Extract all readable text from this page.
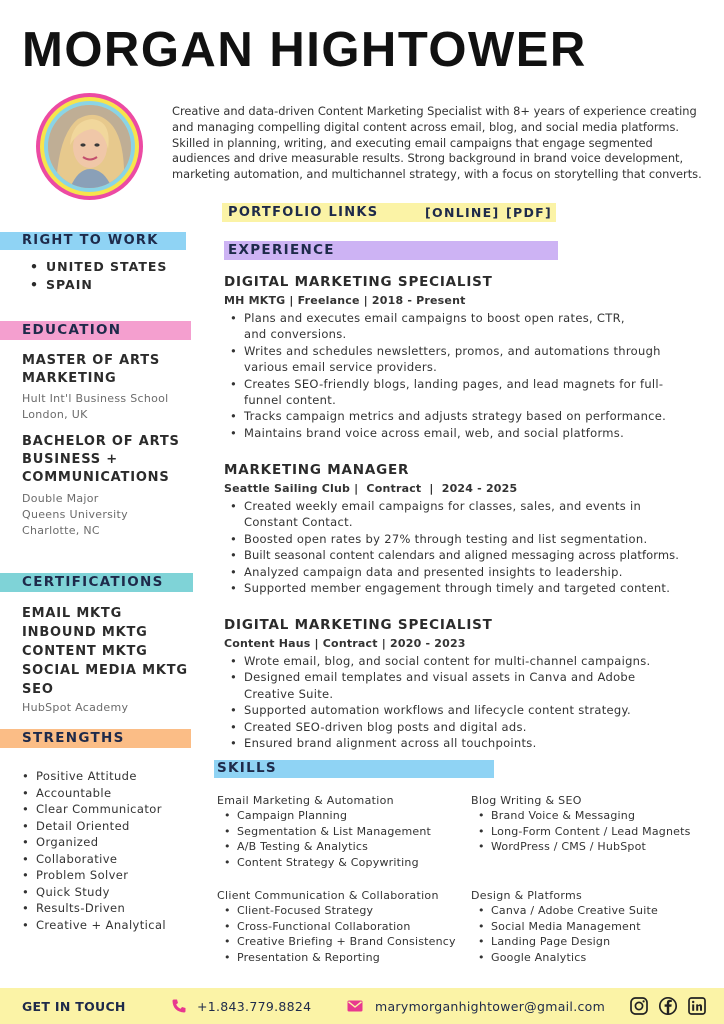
MORGAN HIGHTOWER
Creative and data-driven Content Marketing Specialist with 8+ years of experience creating and managing compelling digital content across email, blog, and social media platforms. Skilled in planning, writing, and executing email campaigns that engage segmented audiences and drive measurable results. Strong background in brand voice development, marketing automation, and multichannel strategy, with a focus on storytelling that converts.
PORTFOLIO LINKS	[ONLINE] [PDF]
RIGHT TO WORK
• UNITED STATES
• SPAIN
EDUCATION
MASTER OF ARTS
MARKETING
Hult Int'l Business School
London, UK
BACHELOR OF ARTS
BUSINESS +
COMMUNICATIONS
Double Major
Queens University
Charlotte, NC
CERTIFICATIONS
EMAIL MKTG
INBOUND MKTG
CONTENT MKTG
SOCIAL MEDIA MKTG
SEO
HubSpot Academy
STRENGTHS
• Positive Attitude
• Accountable
• Clear Communicator
• Detail Oriented
• Organized
• Collaborative
• Problem Solver
• Quick Study
• Results-Driven
• Creative + Analytical
EXPERIENCE
DIGITAL MARKETING SPECIALIST
MH MKTG | Freelance | 2018 - Present
• Plans and executes email campaigns to boost open rates, CTR, and conversions.
• Writes and schedules newsletters, promos, and automations through various email service providers.
• Creates SEO-friendly blogs, landing pages, and lead magnets for full-funnel content.
• Tracks campaign metrics and adjusts strategy based on performance.
• Maintains brand voice across email, web, and social platforms.
MARKETING MANAGER
Seattle Sailing Club |  Contract  |  2024 - 2025
• Created weekly email campaigns for classes, sales, and events in Constant Contact.
• Boosted open rates by 27% through testing and list segmentation.
• Built seasonal content calendars and aligned messaging across platforms.
• Analyzed campaign data and presented insights to leadership.
• Supported member engagement through timely and targeted content.
DIGITAL MARKETING SPECIALIST
Content Haus | Contract | 2020 - 2023
• Wrote email, blog, and social content for multi-channel campaigns.
• Designed email templates and visual assets in Canva and Adobe Creative Suite.
• Supported automation workflows and lifecycle content strategy.
• Created SEO-driven blog posts and digital ads.
• Ensured brand alignment across all touchpoints.
SKILLS
Email Marketing & Automation
• Campaign Planning
• Segmentation & List Management
• A/B Testing & Analytics
• Content Strategy & Copywriting
Blog Writing & SEO
• Brand Voice & Messaging
• Long-Form Content / Lead Magnets
• WordPress / CMS / HubSpot
Client Communication & Collaboration
• Client-Focused Strategy
• Cross-Functional Collaboration
• Creative Briefing + Brand Consistency
• Presentation & Reporting
Design & Platforms
• Canva / Adobe Creative Suite
• Social Media Management
• Landing Page Design
• Google Analytics
GET IN TOUCH	+1.843.779.8824	marymorganhightower@gmail.com
